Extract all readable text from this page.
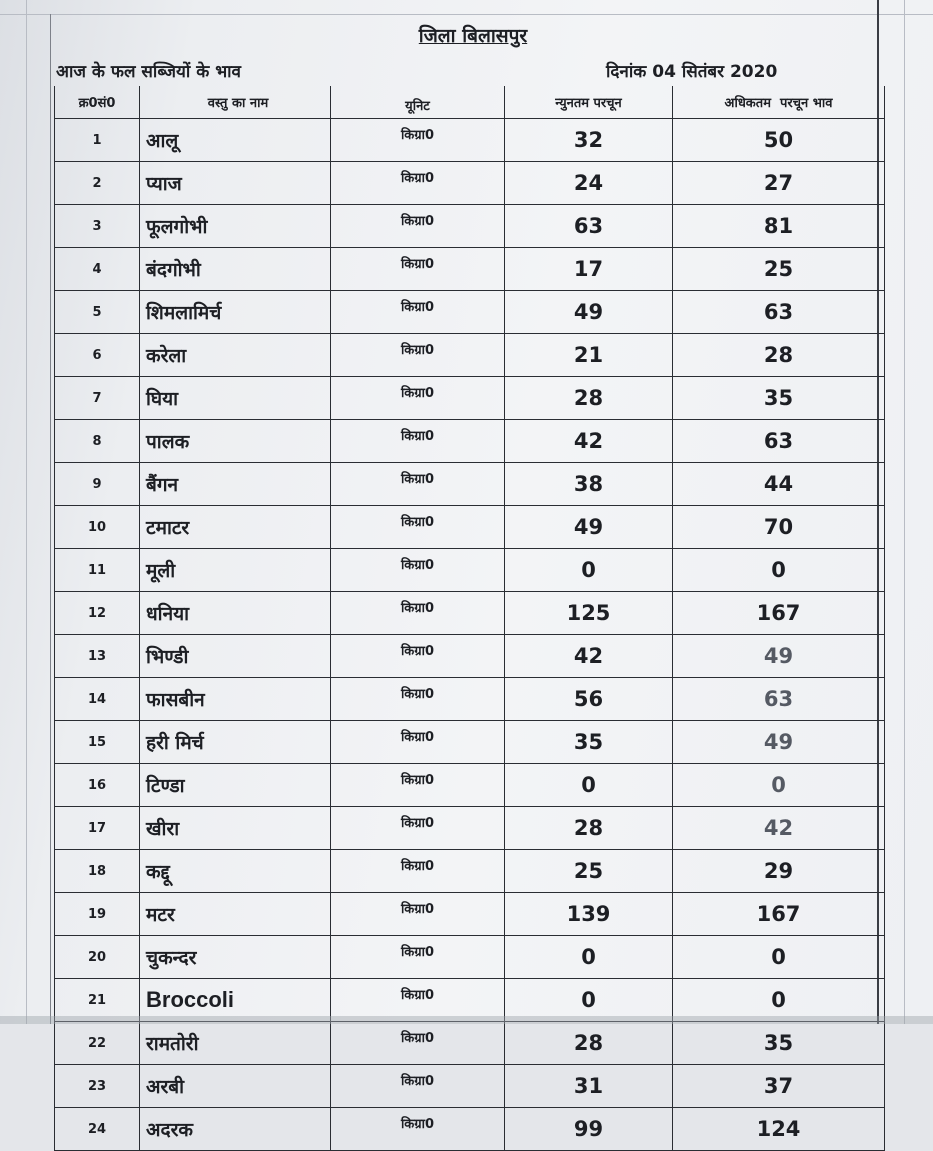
जिला बिलासपुर
आज के फल सब्जियों के भाव	दिनांक 04 सितंबर 2020
क्र0सं0	वस्तु का नाम	यूनिट	न्युनतम परचून	अधिकतम  परचून भाव
1	आलू	किग्रा0	32	50
2	प्याज	किग्रा0	24	27
3	फूलगोभी	किग्रा0	63	81
4	बंदगोभी	किग्रा0	17	25
5	शिमलामिर्च	किग्रा0	49	63
6	करेला	किग्रा0	21	28
7	घिया	किग्रा0	28	35
8	पालक	किग्रा0	42	63
9	बैंगन	किग्रा0	38	44
10	टमाटर	किग्रा0	49	70
11	मूली	किग्रा0	0	0
12	धनिया	किग्रा0	125	167
13	भिण्डी	किग्रा0	42	49
14	फासबीन	किग्रा0	56	63
15	हरी मिर्च	किग्रा0	35	49
16	टिण्डा	किग्रा0	0	0
17	खीरा	किग्रा0	28	42
18	कद्दू	किग्रा0	25	29
19	मटर	किग्रा0	139	167
20	चुकन्दर	किग्रा0	0	0
21	Broccoli	किग्रा0	0	0
22	रामतोरी	किग्रा0	28	35
23	अरबी	किग्रा0	31	37
24	अदरक	किग्रा0	99	124
